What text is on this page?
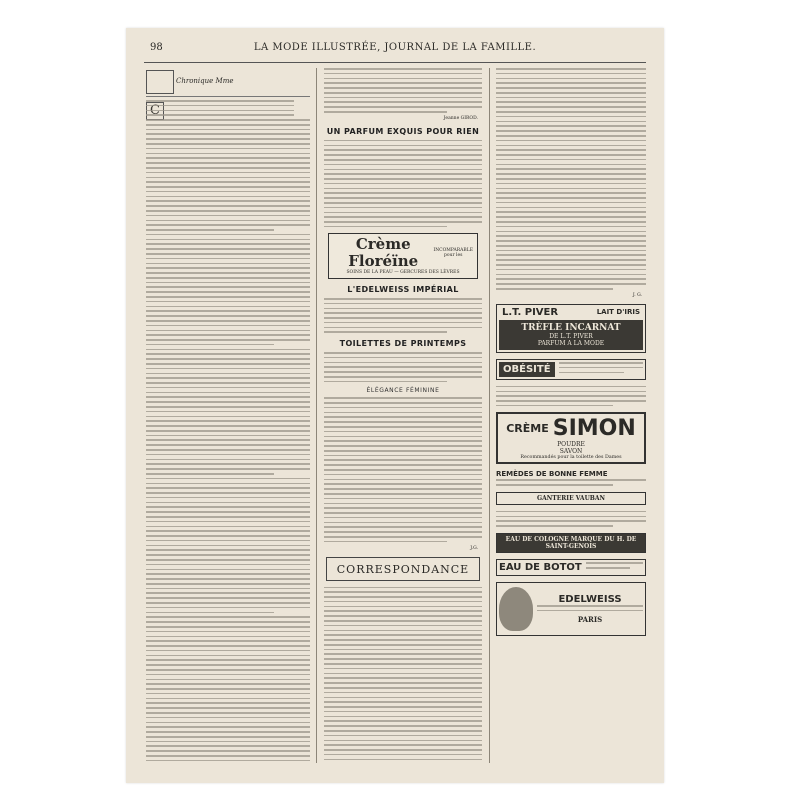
98	LA MODE ILLUSTRÉE, JOURNAL DE LA FAMILLE.
Chronique Mme
Jeanne GIROD.
UN PARFUM EXQUIS POUR RIEN
Crème Floréïne
INCOMPARABLE pour les
SOINS DE LA PEAU — GERCURES DES LÈVRES
L'EDELWEISS IMPÉRIAL
TOILETTES DE PRINTEMPS
ÉLÉGANCE FÉMININE
J.G.
CORRESPONDANCE
J. G.
L.T. PIVER	LAIT D'IRIS
TRÈFLE INCARNAT
DE L.T. PIVER
PARFUM A LA MODE
OBÉSITÉ
CRÈME SIMON
POUDRE
SAVON
Recommandés pour la toilette des Dames
REMÈDES DE BONNE FEMME
GANTERIE VAUBAN
EAU DE COLOGNE MARQUE DU H. DE SAINT-GENOIS
EAU DE BOTOT
EDELWEISS
PARIS
